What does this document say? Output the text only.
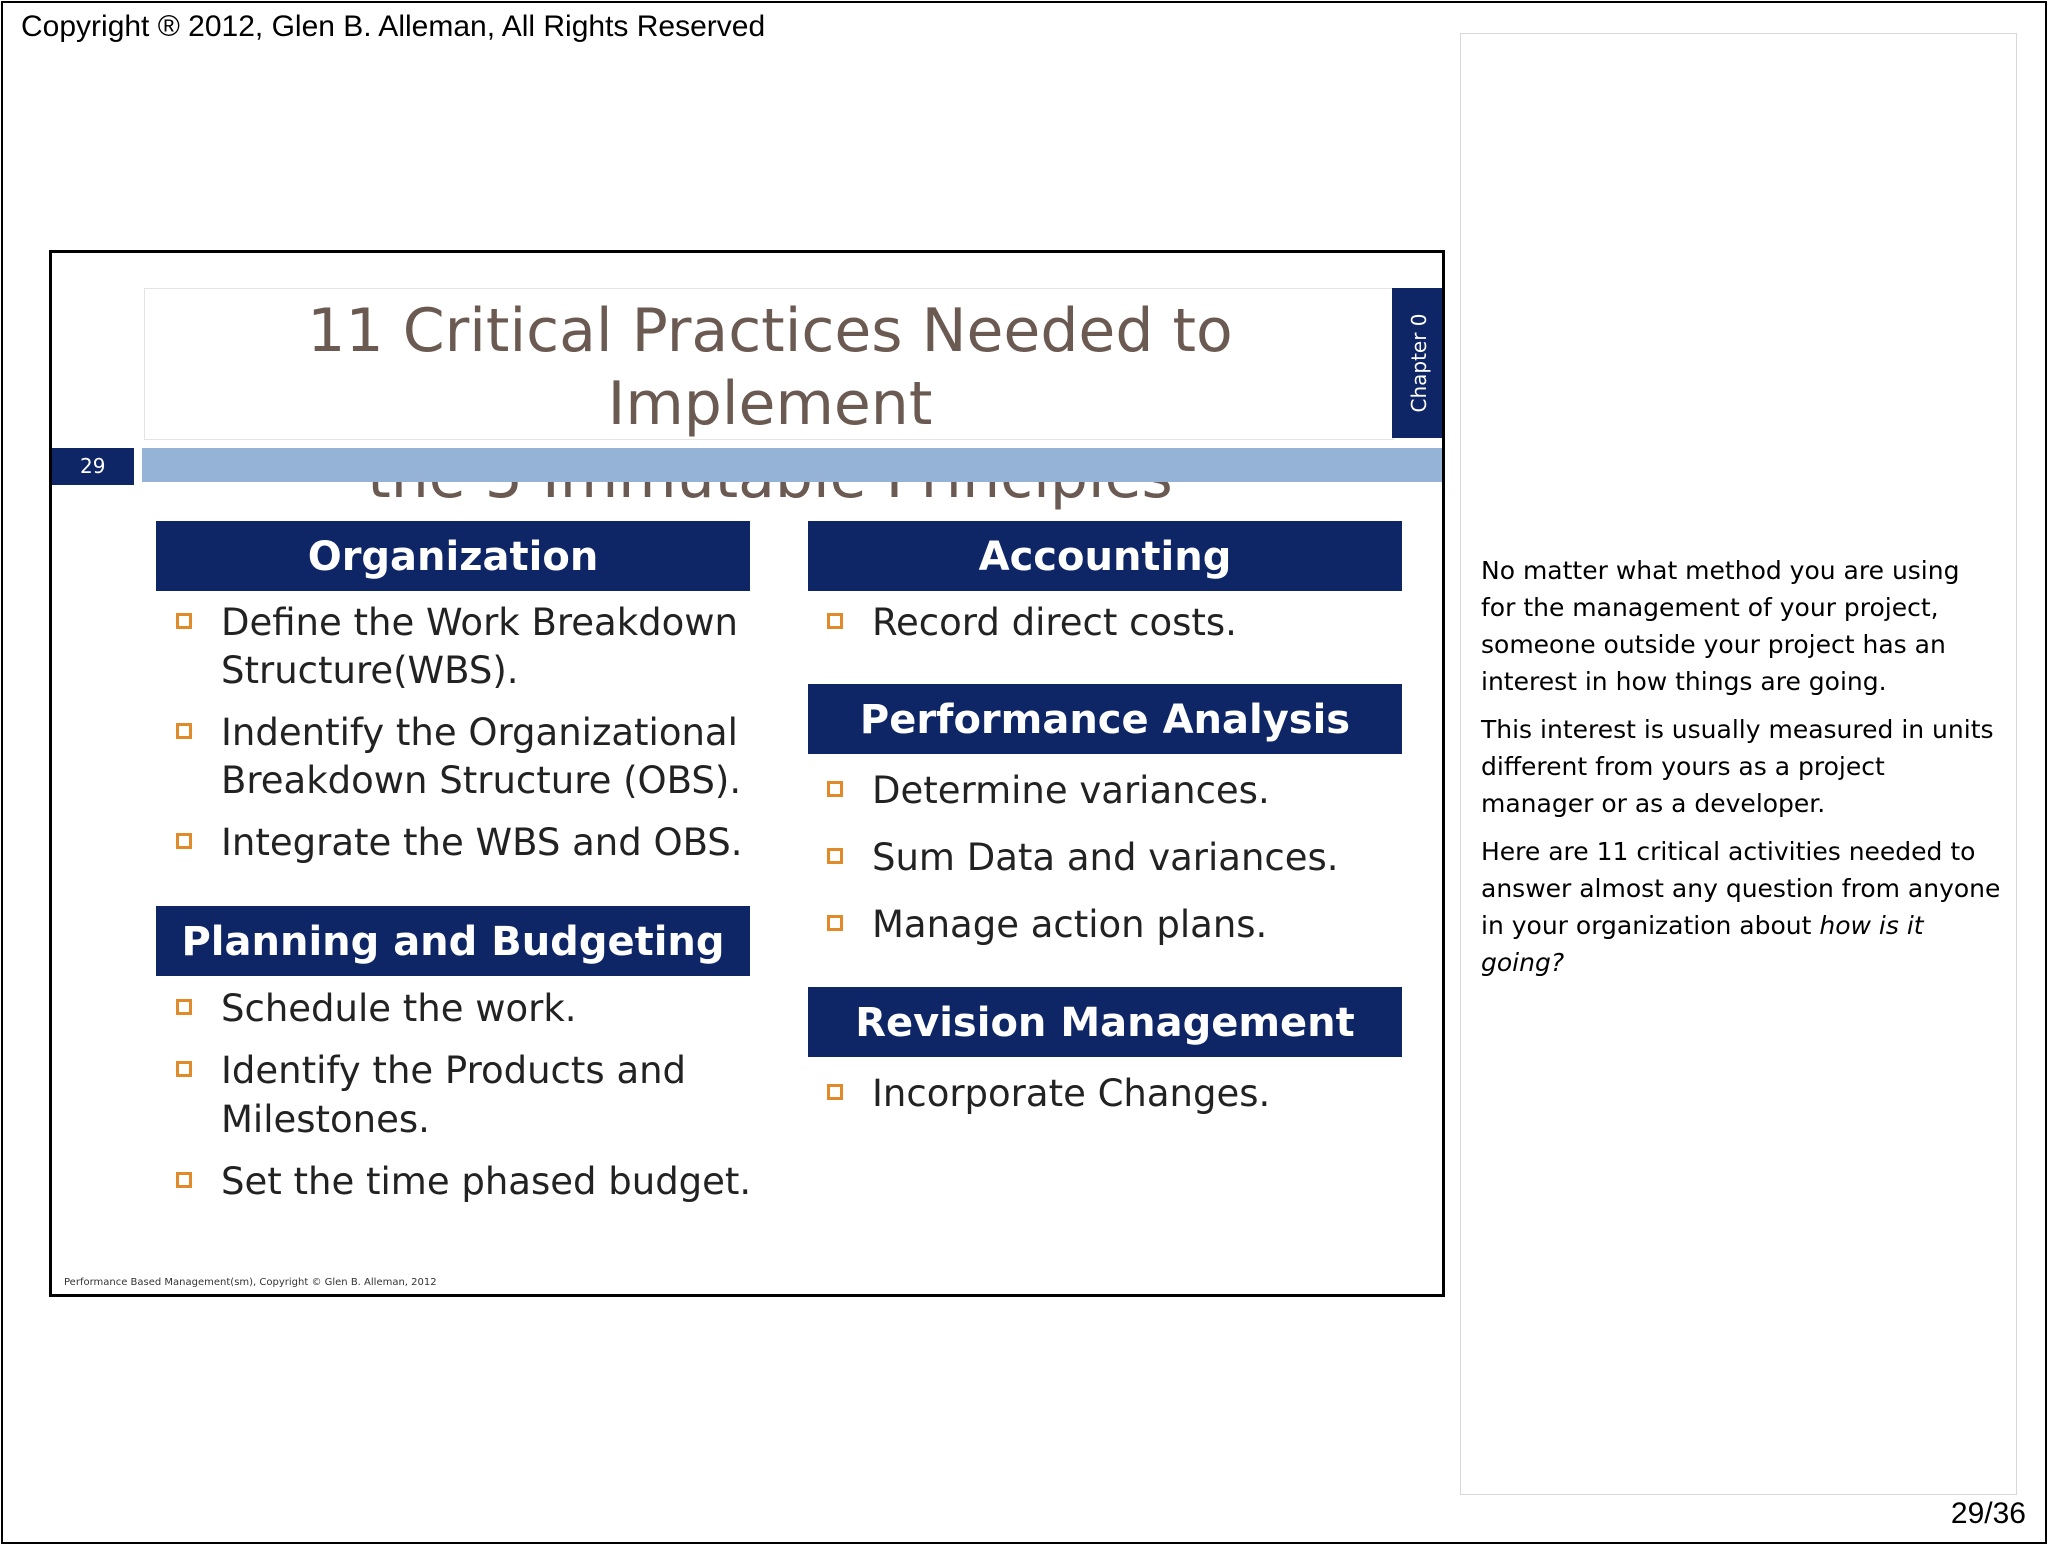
Copyright ® 2012, Glen B. Alleman, All Rights Reserved
11 Critical Practices Needed to Implement	Chapter 0
29
Organization
Define the Work Breakdown
Structure(WBS).
Indentify the Organizational
Breakdown Structure (OBS).
Integrate the WBS and OBS.
Planning and Budgeting
Schedule the work.
Identify the Products and
Milestones.
Set the time phased budget.
Accounting
Record direct costs.
Performance Analysis
Determine variances.
Sum Data and variances.
Manage action plans.
Revision Management
Incorporate Changes.
Performance Based Management(sm), Copyright © Glen B. Alleman, 2012

No matter what method you are using for the management of your project, someone outside your project has an interest in how things are going.

This interest is usually measured in units different from yours as a project manager or as a developer.

Here are 11 critical activities needed to answer almost any question from anyone in your organization about how is it going?

29/36
